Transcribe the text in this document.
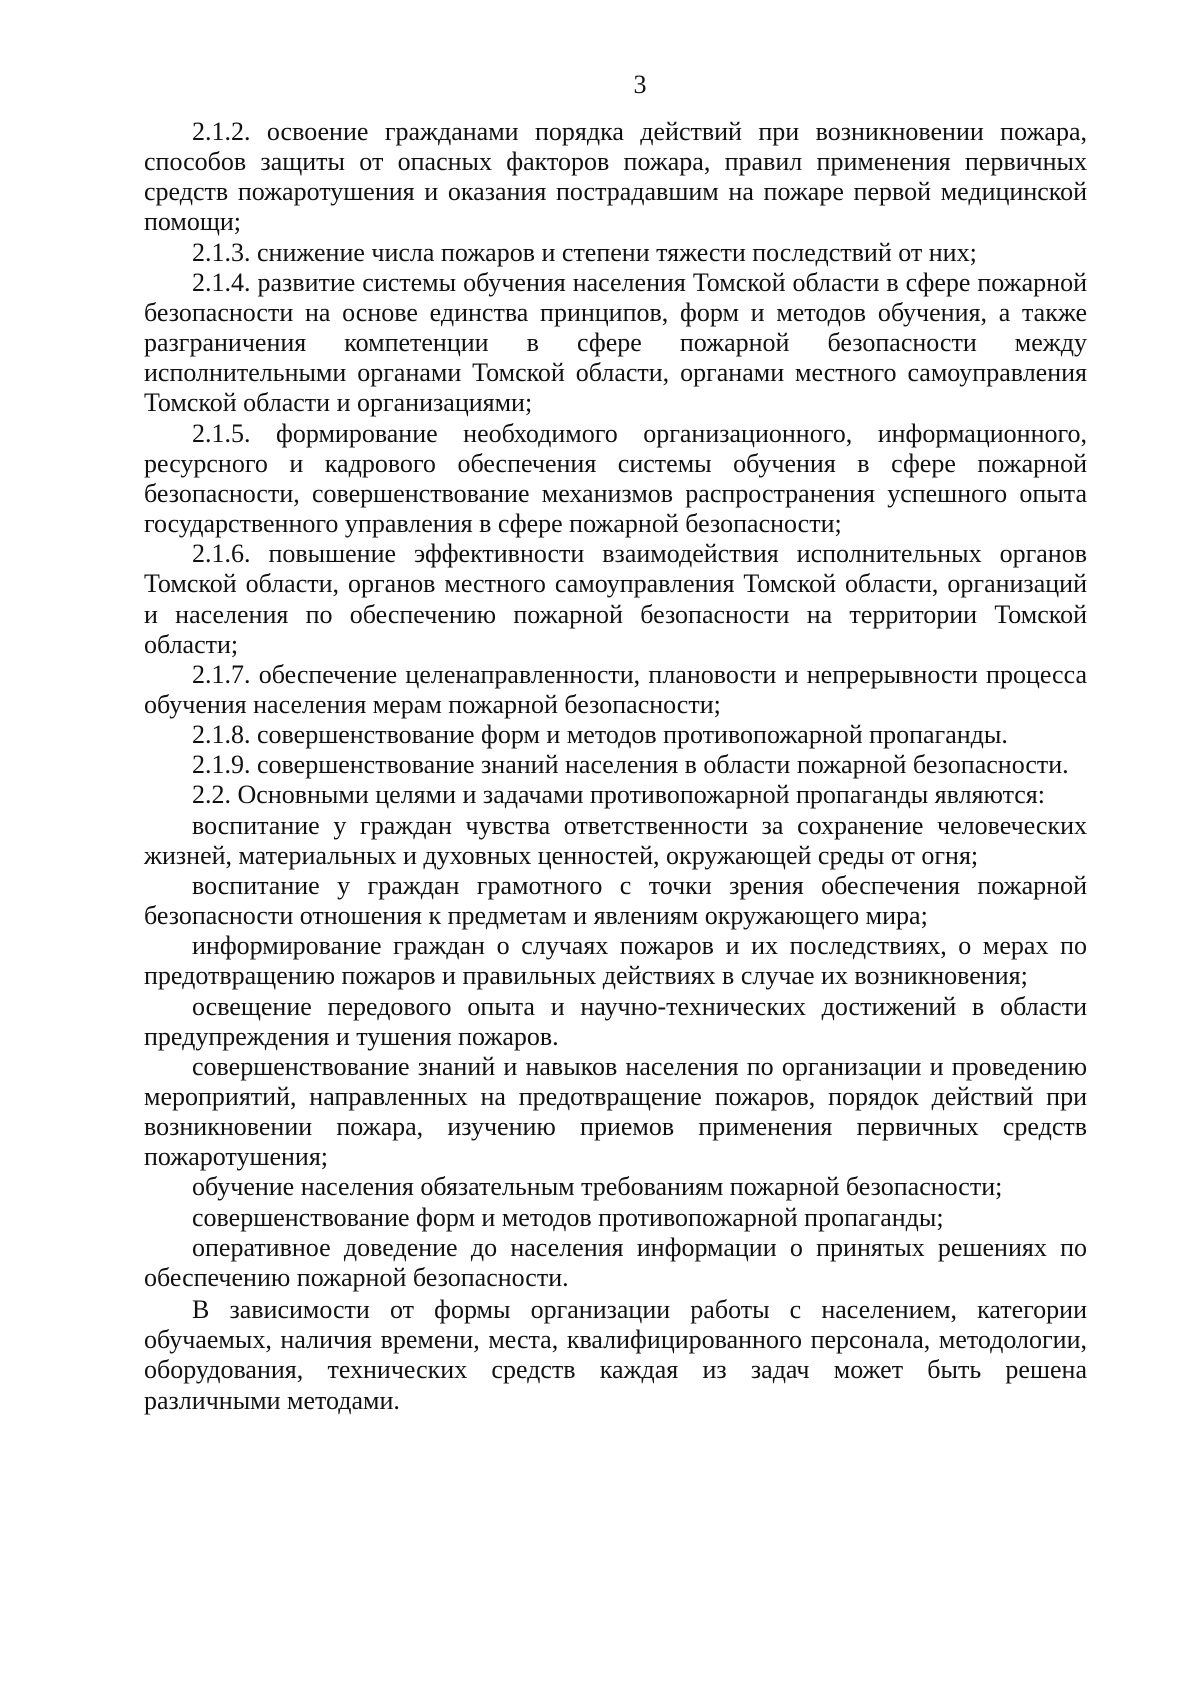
3

2.1.2. освоение гражданами порядка действий при возникновении пожара, способов защиты от опасных факторов пожара, правил применения первичных средств пожаротушения и оказания пострадавшим на пожаре первой медицинской помощи;

2.1.3. снижение числа пожаров и степени тяжести последствий от них;

2.1.4. развитие системы обучения населения Томской области в сфере пожарной безопасности на основе единства принципов, форм и методов обучения, а также разграничения компетенции в сфере пожарной безопасности между исполнительными органами Томской области, органами местного самоуправления Томской области и организациями;

2.1.5. формирование необходимого организационного, информационного, ресурсного и кадрового обеспечения системы обучения в сфере пожарной безопасности, совершенствование механизмов распространения успешного опыта государственного управления в сфере пожарной безопасности;

2.1.6. повышение эффективности взаимодействия исполнительных органов Томской области, органов местного самоуправления Томской области, организаций и населения по обеспечению пожарной безопасности на территории Томской области;

2.1.7. обеспечение целенаправленности, плановости и непрерывности процесса обучения населения мерам пожарной безопасности;

2.1.8. совершенствование форм и методов противопожарной пропаганды.

2.1.9. совершенствование знаний населения в области пожарной безопасности.

2.2. Основными целями и задачами противопожарной пропаганды являются:

воспитание у граждан чувства ответственности за сохранение человеческих жизней, материальных и духовных ценностей, окружающей среды от огня;

воспитание у граждан грамотного с точки зрения обеспечения пожарной безопасности отношения к предметам и явлениям окружающего мира;

информирование граждан о случаях пожаров и их последствиях, о мерах по предотвращению пожаров и правильных действиях в случае их возникновения;

освещение передового опыта и научно-технических достижений в области предупреждения и тушения пожаров.

совершенствование знаний и навыков населения по организации и проведению мероприятий, направленных на предотвращение пожаров, порядок действий при возникновении пожара, изучению приемов применения первичных средств пожаротушения;

обучение населения обязательным требованиям пожарной безопасности;

совершенствование форм и методов противопожарной пропаганды;

оперативное доведение до населения информации о принятых решениях по обеспечению пожарной безопасности.

В зависимости от формы организации работы с населением, категории обучаемых, наличия времени, места, квалифицированного персонала, методологии, оборудования, технических средств каждая из задач может быть решена различными методами.
